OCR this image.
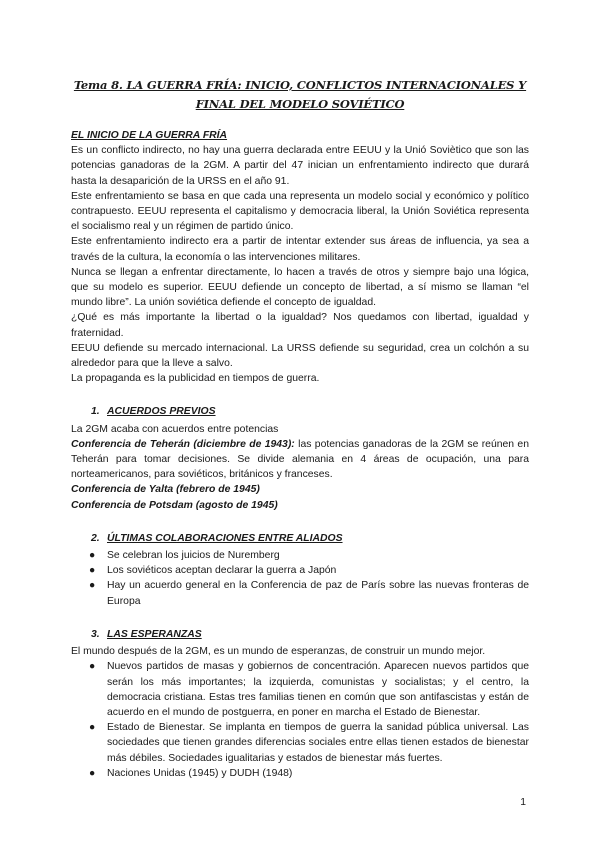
Tema 8. LA GUERRA FRÍA: INICIO, CONFLICTOS INTERNACIONALES Y FINAL DEL MODELO SOVIÉTICO

EL INICIO DE LA GUERRA FRÍA

Es un conflicto indirecto, no hay una guerra declarada entre EEUU y la Unió Soviètico que son las potencias ganadoras de la 2GM. A partir del 47 inician un enfrentamiento indirecto que durará hasta la desaparición de la URSS en el año 91.

Este enfrentamiento se basa en que cada una representa un modelo social y económico y político contrapuesto. EEUU representa el capitalismo y democracia liberal, la Unión Soviética representa el socialismo real y un régimen de partido único.

Este enfrentamiento indirecto era a partir de intentar extender sus áreas de influencia, ya sea a través de la cultura, la economía o las intervenciones militares.

Nunca se llegan a enfrentar directamente, lo hacen a través de otros y siempre bajo una lógica, que su modelo es superior. EEUU defiende un concepto de libertad, a sí mismo se llaman “el mundo libre”. La unión soviética defiende el concepto de igualdad.

¿Qué es más importante la libertad o la igualdad? Nos quedamos con libertad, igualdad y fraternidad.

EEUU defiende su mercado internacional. La URSS defiende su seguridad, crea un colchón a su alrededor para que la lleve a salvo.

La propaganda es la publicidad en tiempos de guerra.

1. ACUERDOS PREVIOS

La 2GM acaba con acuerdos entre potencias

Conferencia de Teherán (diciembre de 1943): las potencias ganadoras de la 2GM se reúnen en Teherán para tomar decisiones. Se divide alemania en 4 áreas de ocupación, una para norteamericanos, para soviéticos, británicos y franceses.

Conferencia de Yalta (febrero de 1945)

Conferencia de Potsdam (agosto de 1945)

2. ÚLTIMAS COLABORACIONES ENTRE ALIADOS

● Se celebran los juicios de Nuremberg
● Los soviéticos aceptan declarar la guerra a Japón
● Hay un acuerdo general en la Conferencia de paz de París sobre las nuevas fronteras de Europa

3. LAS ESPERANZAS

El mundo después de la 2GM, es un mundo de esperanzas, de construir un mundo mejor.

● Nuevos partidos de masas y gobiernos de concentración. Aparecen nuevos partidos que serán los más importantes; la izquierda, comunistas y socialistas; y el centro, la democracia cristiana. Estas tres familias tienen en común que son antifascistas y están de acuerdo en el mundo de postguerra, en poner en marcha el Estado de Bienestar.
● Estado de Bienestar. Se implanta en tiempos de guerra la sanidad pública universal. Las sociedades que tienen grandes diferencias sociales entre ellas tienen estados de bienestar más débiles. Sociedades igualitarias y estados de bienestar más fuertes.
● Naciones Unidas (1945) y DUDH (1948)
1
